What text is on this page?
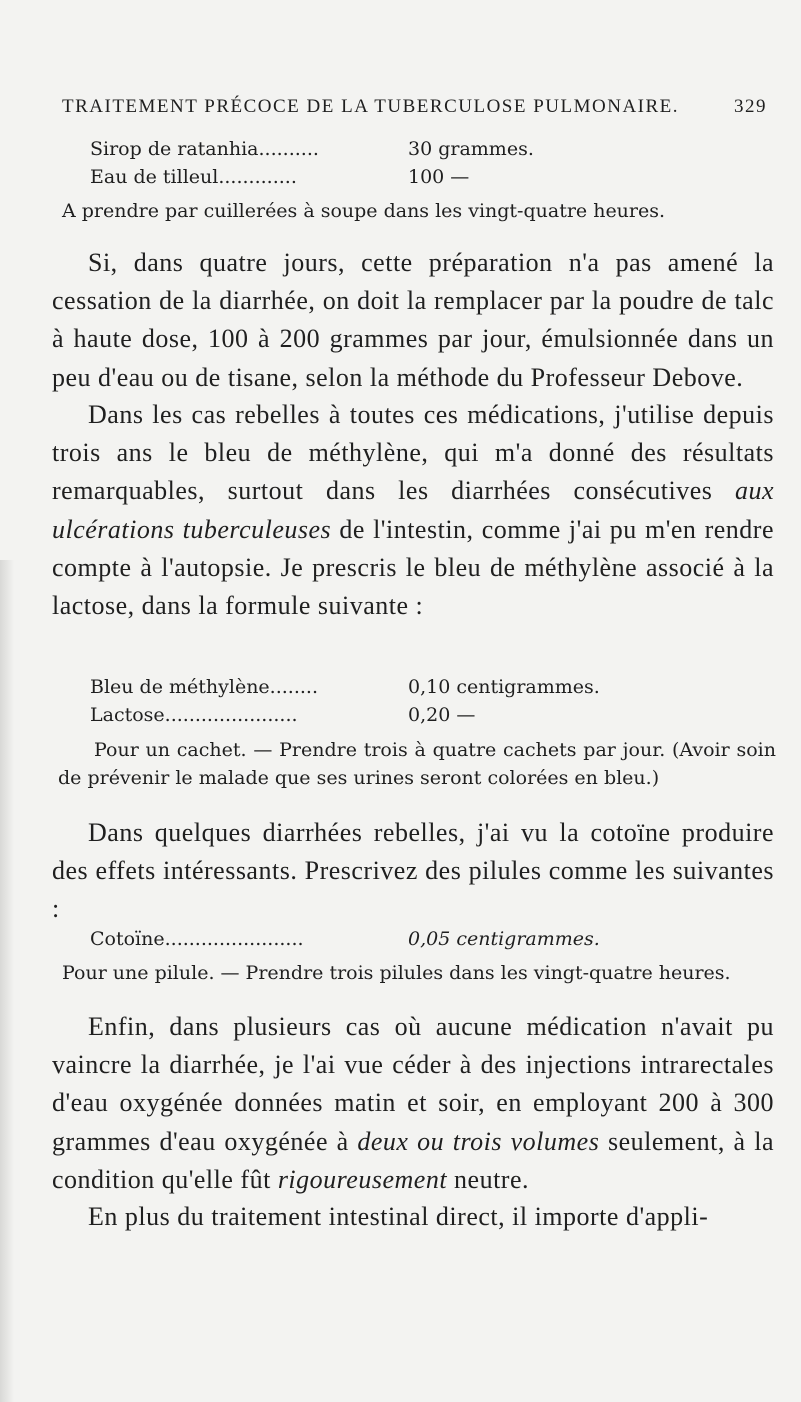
TRAITEMENT PRÉCOCE DE LA TUBERCULOSE PULMONAIRE.	329
Sirop de ratanhia..........	30 grammes.
Eau de tilleul.............	100 —
A prendre par cuillerées à soupe dans les vingt-quatre heures.
Si, dans quatre jours, cette préparation n'a pas amené la cessation de la diarrhée, on doit la remplacer par la poudre de talc à haute dose, 100 à 200 grammes par jour, émulsionnée dans un peu d'eau ou de tisane, selon la méthode du Professeur Debove.
Dans les cas rebelles à toutes ces médications, j'utilise depuis trois ans le bleu de méthylène, qui m'a donné des résultats remarquables, surtout dans les diarrhées consécutives aux ulcérations tuberculeuses de l'intestin, comme j'ai pu m'en rendre compte à l'autopsie. Je prescris le bleu de méthylène associé à la lactose, dans la formule suivante :
Bleu de méthylène........	0,10 centigrammes.
Lactose......................	0,20 —
Pour un cachet. — Prendre trois à quatre cachets par jour. (Avoir soin de prévenir le malade que ses urines seront colorées en bleu.)
Dans quelques diarrhées rebelles, j'ai vu la cotoïne produire des effets intéressants. Prescrivez des pilules comme les suivantes :
Cotoïne.......................	0,05 centigrammes.
Pour une pilule. — Prendre trois pilules dans les vingt-quatre heures.
Enfin, dans plusieurs cas où aucune médication n'avait pu vaincre la diarrhée, je l'ai vue céder à des injections intrarectales d'eau oxygénée données matin et soir, en employant 200 à 300 grammes d'eau oxygénée à deux ou trois volumes seulement, à la condition qu'elle fût rigoureusement neutre.
En plus du traitement intestinal direct, il importe d'appli-
